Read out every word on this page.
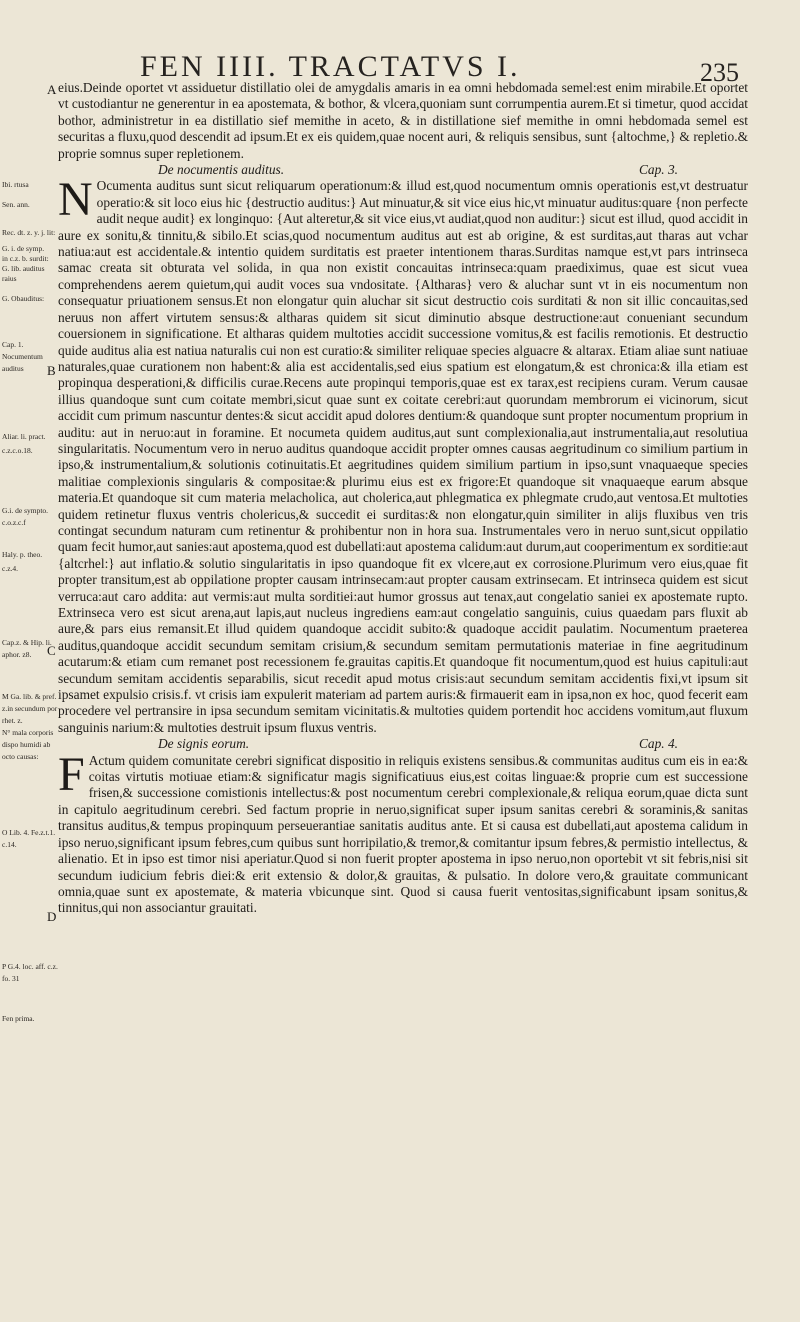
FEN IIII. TRACTATVS I.	235
Ibi. rtusa
Sen. ann.
Rec. dt. z. y. j. lit:
G. i. de symp.
in c.z. b. surdit:
G. lib. auditus
raius
G. Obauditus:
Cap. 1.
Nocumentum
auditus
Aliar. li. pract.
c.z.c.o.18.
G.i. de sympto.
c.o.z.c.f
Haly. p. theo.
c.z.4.
Cap.z. & Hip. li.
aphor. z8.
M Ga. lib. & pref.
z.in secundum por
rhet. z.
N° mala corporis
dispo humidi ab
octo causas:
O Lib. 4. Fe.z.t.1.
c.14.
P G.4. loc. aff. c.z.
fo. 31
Fen prima.
A
B
C
D

eius.Deinde oportet vt assiduetur distillatio olei de amygdalis amaris in ea omni hebdomada semel:est enim mirabile.Et oportet vt custodiantur ne generentur in ea apostemata, & bothor, & vlcera,quoniam sunt corrumpentia aurem.Et si timetur, quod accidat bothor, administretur in ea distillatio sief memithe in aceto, & in distillatione sief memithe in omni hebdomada semel est securitas a fluxu,quod descendit ad ipsum.Et ex eis quidem,quae nocent auri, & reliquis sensibus, sunt {altochme,} & repletio.& proprie somnus super repletionem.

De nocumentis auditus.	Cap. 3.

N Ocumenta auditus sunt sicut reliquarum operationum:& illud est,quod nocumentum omnis operationis est,vt destruatur operatio:& sit loco eius hic {destructio auditus:} Aut minuatur,& sit vice eius hic,vt minuatur auditus:quare {non perfecte audit neque audit} ex longinquo: {Aut alteretur,& sit vice eius,vt audiat,quod non auditur:} sicut est illud, quod accidit in aure ex sonitu,& tinnitu,& sibilo.Et scias,quod nocumentum auditus aut est ab origine, & est surditas,aut tharas aut vchar natiua:aut est accidentale.& intentio quidem surditatis est praeter intentionem tharas.Surditas namque est,vt pars intrinseca samac creata sit obturata vel solida, in qua non existit concauitas intrinseca:quam praediximus, quae est sicut vuea comprehendens aerem quietum,qui audit voces sua vndositate. {Altharas} vero & aluchar sunt vt in eis nocumentum non consequatur priuationem sensus.Et non elongatur quin aluchar sit sicut destructio cois surditati & non sit illic concauitas,sed neruus non affert virtutem sensus:& altharas quidem sit sicut diminutio absque destructione:aut conueniant secundum couersionem in significatione. Et altharas quidem multoties accidit successione vomitus,& est facilis remotionis. Et destructio quide auditus alia est natiua naturalis cui non est curatio:& similiter reliquae species alguacre & altarax. Etiam aliae sunt natiuae naturales,quae curationem non habent:& alia est accidentalis,sed eius spatium est elongatum,& est chronica:& illa etiam est propinqua desperationi,& difficilis curae.Recens aute propinqui temporis,quae est ex tarax,est recipiens curam. Verum causae illius quandoque sunt cum coitate membri,sicut quae sunt ex coitate cerebri:aut quorundam membrorum ei vicinorum, sicut accidit cum primum nascuntur dentes:& sicut accidit apud dolores dentium:& quandoque sunt propter nocumentum proprium in auditu: aut in neruo:aut in foramine. Et nocumeta quidem auditus,aut sunt complexionalia,aut instrumentalia,aut resolutiua singularitatis. Nocumentum vero in neruo auditus quandoque accidit propter omnes causas aegritudinum co similium partium in ipso,& instrumentalium,& solutionis cotinuitatis.Et aegritudines quidem similium partium in ipso,sunt vnaquaeque species malitiae complexionis singularis & compositae:& plurimu eius est ex frigore:Et quandoque sit vnaquaeque earum absque materia.Et quandoque sit cum materia melacholica, aut cholerica,aut phlegmatica ex phlegmate crudo,aut ventosa.Et multoties quidem retinetur fluxus ventris cholericus,& succedit ei surditas:& non elongatur,quin similiter in alijs fluxibus ven tris contingat secundum naturam cum retinentur & prohibentur non in hora sua. Instrumentales vero in neruo sunt,sicut oppilatio quam fecit humor,aut sanies:aut apostema,quod est dubellati:aut apostema calidum:aut durum,aut cooperimentum ex sorditie:aut {altcrhel:} aut inflatio.& solutio singularitatis in ipso quandoque fit ex vlcere,aut ex corrosione.Plurimum vero eius,quae fit propter transitum,est ab oppilatione propter causam intrinsecam:aut propter causam extrinsecam. Et intrinseca quidem est sicut verruca:aut caro addita: aut vermis:aut multa sorditiei:aut humor grossus aut tenax,aut congelatio saniei ex apostemate rupto. Extrinseca vero est sicut arena,aut lapis,aut nucleus ingrediens eam:aut congelatio sanguinis, cuius quaedam pars fluxit ab aure,& pars eius remansit.Et illud quidem quandoque accidit subito:& quadoque accidit paulatim. Nocumentum praeterea auditus,quandoque accidit secundum semitam crisium,& secundum semitam permutationis materiae in fine aegritudinum acutarum:& etiam cum remanet post recessionem fe.grauitas capitis.Et quandoque fit nocumentum,quod est huius capituli:aut secundum semitam accidentis separabilis, sicut recedit apud motus crisis:aut secundum semitam accidentis fixi,vt ipsum sit ipsamet expulsio crisis.f. vt crisis iam expulerit materiam ad partem auris:& firmauerit eam in ipsa,non ex hoc, quod fecerit eam procedere vel pertransire in ipsa secundum semitam vicinitatis.& multoties quidem portendit hoc accidens vomitum,aut fluxum sanguinis narium:& multoties destruit ipsum fluxus ventris.

De signis eorum.	Cap. 4.

F Actum quidem comunitate cerebri significat dispositio in reliquis existens sensibus.& communitas auditus cum eis in ea:& coitas virtutis motiuae etiam:& significatur magis significatiuus eius,est coitas linguae:& proprie cum est successione frisen,& successione comistionis intellectus:& post nocumentum cerebri complexionale,& reliqua eorum,quae dicta sunt in capitulo aegritudinum cerebri. Sed factum proprie in neruo,significat super ipsum sanitas cerebri & soraminis,& sanitas transitus auditus,& tempus propinquum perseuerantiae sanitatis auditus ante. Et si causa est dubellati,aut apostema calidum in ipso neruo,significant ipsum febres,cum quibus sunt horripilatio,& tremor,& comitantur ipsum febres,& permistio intellectus, & alienatio. Et in ipso est timor nisi aperiatur.Quod si non fuerit propter apostema in ipso neruo,non oportebit vt sit febris,nisi sit secundum iudicium febris diei:& erit extensio & dolor,& grauitas, & pulsatio. In dolore vero,& grauitate communicant omnia,quae sunt ex apostemate, & materia vbicunque sint. Quod si causa fuerit ventositas,significabunt ipsam sonitus,& tinnitus,qui non associantur grauitati.
